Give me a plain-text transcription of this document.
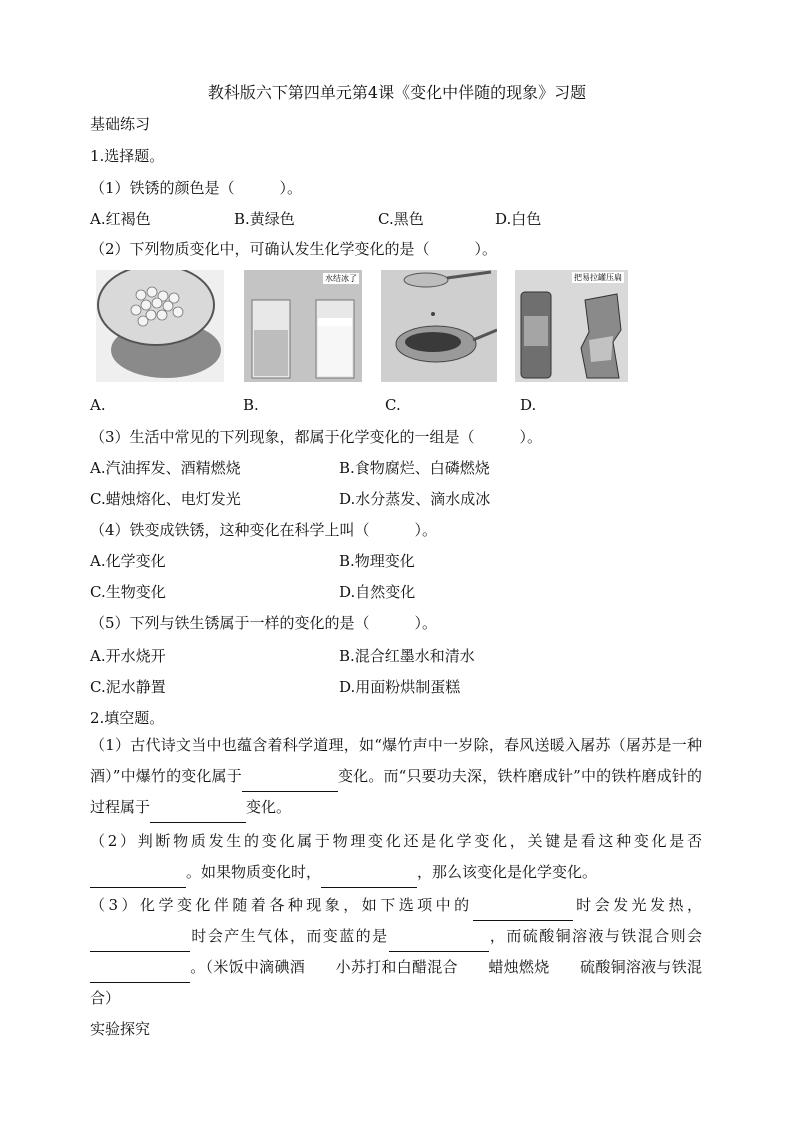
教科版六下第四单元第4课《变化中伴随的现象》习题
基础练习
1.选择题。
（1）铁锈的颜色是（　　　）。
A.红褐色	B.黄绿色	C.黑色	D.白色
（2）下列物质变化中，可确认发生化学变化的是（　　　）。
水结冰了	把易拉罐压扁
A.	B.	C.	D.
（3）生活中常见的下列现象，都属于化学变化的一组是（　　　）。
A.汽油挥发、酒精燃烧	B.食物腐烂、白磷燃烧
C.蜡烛熔化、电灯发光	D.水分蒸发、滴水成冰
（4）铁变成铁锈，这种变化在科学上叫（　　　）。
A.化学变化	B.物理变化
C.生物变化	D.自然变化
（5）下列与铁生锈属于一样的变化的是（　　　）。
A.开水烧开	B.混合红墨水和清水
C.泥水静置	D.用面粉烘制蛋糕
2.填空题。

（1）古代诗文当中也蕴含着科学道理，如“爆竹声中一岁除，春风送暖入屠苏（屠苏是一种酒）”中爆竹的变化属于	变化。而“只要功夫深，铁杵磨成针”中的铁杵磨成针的过程属于	变化。

（2）判断物质发生的变化属于物理变化还是化学变化，关键是看这种变化是否。如果物质变化时，	，那么该变化是化学变化。

（3）化学变化伴随着各种现象，如下选项中的	时会发光发热，时会产生气体，而变蓝的是	，而硫酸铜溶液与铁混合则会。（米饭中滴碘酒　　小苏打和白醋混合　　蜡烛燃烧　　硫酸铜溶液与铁混合）

实验探究
